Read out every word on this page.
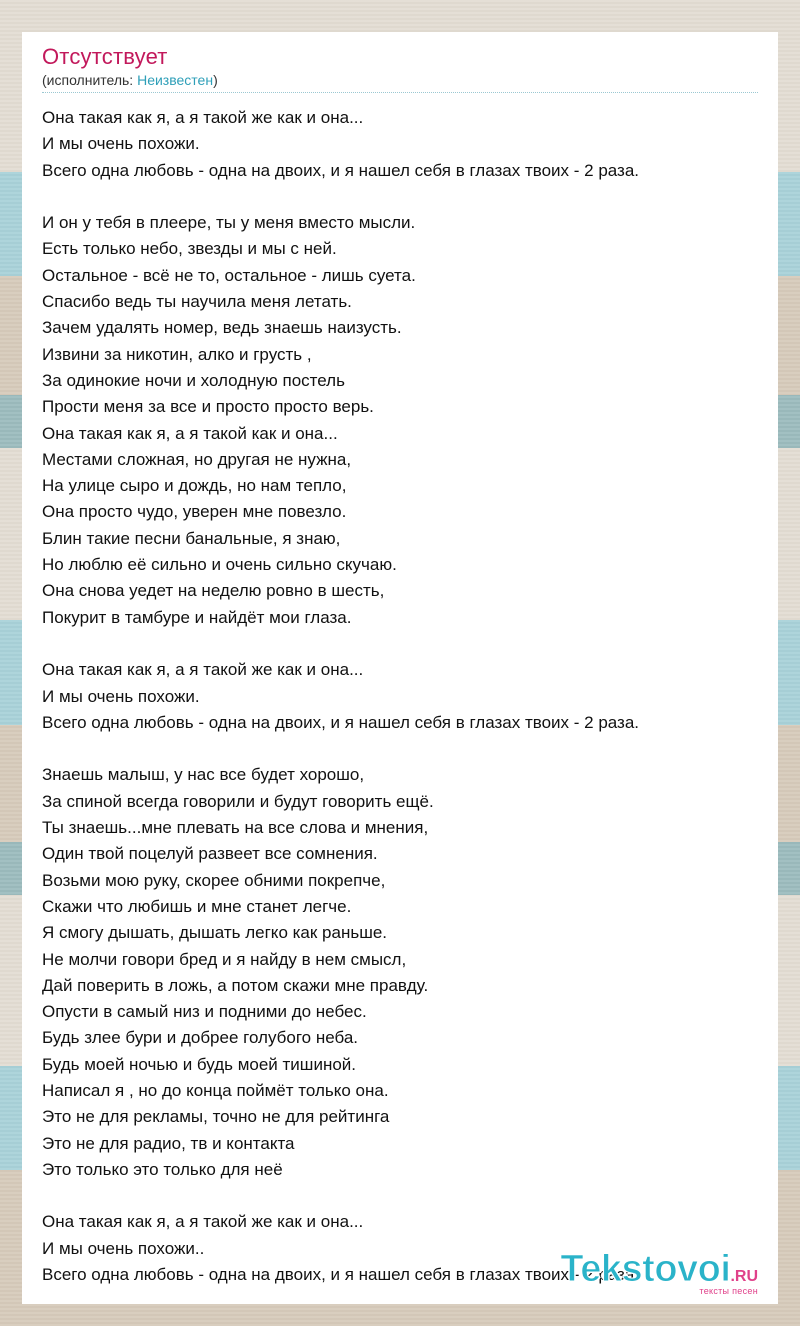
Отсутствует
(исполнитель: Неизвестен)
Она такая как я, а я такой же как и она...
И мы очень похожи.
Всего одна любовь - одна на двоих, и я нашел себя в глазах твоих - 2 раза.

И он у тебя в плеере, ты у меня вместо мысли.
Есть только небо, звезды и мы с ней.
Остальное - всё не то, остальное - лишь суета.
Спасибо ведь ты научила меня летать.
Зачем удалять номер, ведь знаешь наизусть.
Извини за никотин, алко и грусть ,
За одинокие ночи и холодную постель
Прости меня за все и просто просто верь.
Она такая как я, а я такой как и она...
Местами сложная, но другая не нужна,
На улице сыро и дождь, но нам тепло,
Она просто чудо, уверен мне повезло.
Блин такие песни банальные, я знаю,
Но люблю её сильно и очень сильно скучаю.
Она снова уедет на неделю ровно в шесть,
Покурит в тамбуре и найдёт мои глаза.

Она такая как я, а я такой же как и она...
И мы очень похожи.
Всего одна любовь - одна на двоих, и я нашел себя в глазах твоих - 2 раза.

Знаешь малыш, у нас все будет хорошо,
За спиной всегда говорили и будут говорить ещё.
Ты знаешь...мне плевать на все слова и мнения,
Один твой поцелуй развеет все сомнения.
Возьми мою руку, скорее обними покрепче,
Скажи что любишь и мне станет легче.
Я смогу дышать, дышать легко как раньше.
Не молчи говори бред и я найду в нем смысл,
Дай поверить в ложь, а потом скажи мне правду.
Опусти в самый низ и подними до небес.
Будь злее бури и добрее голубого неба.
Будь моей ночью и будь моей тишиной.
Написал я , но до конца поймёт только она.
Это не для рекламы, точно не для рейтинга
Это не для радио, тв и контакта
Это только это только для неё

Она такая как я, а я такой же как и она...
И мы очень похожи..
Всего одна любовь - одна на двоих, и я нашел себя в глазах твоих - 2 раза.
Tekstovoi.RU
тексты песен
